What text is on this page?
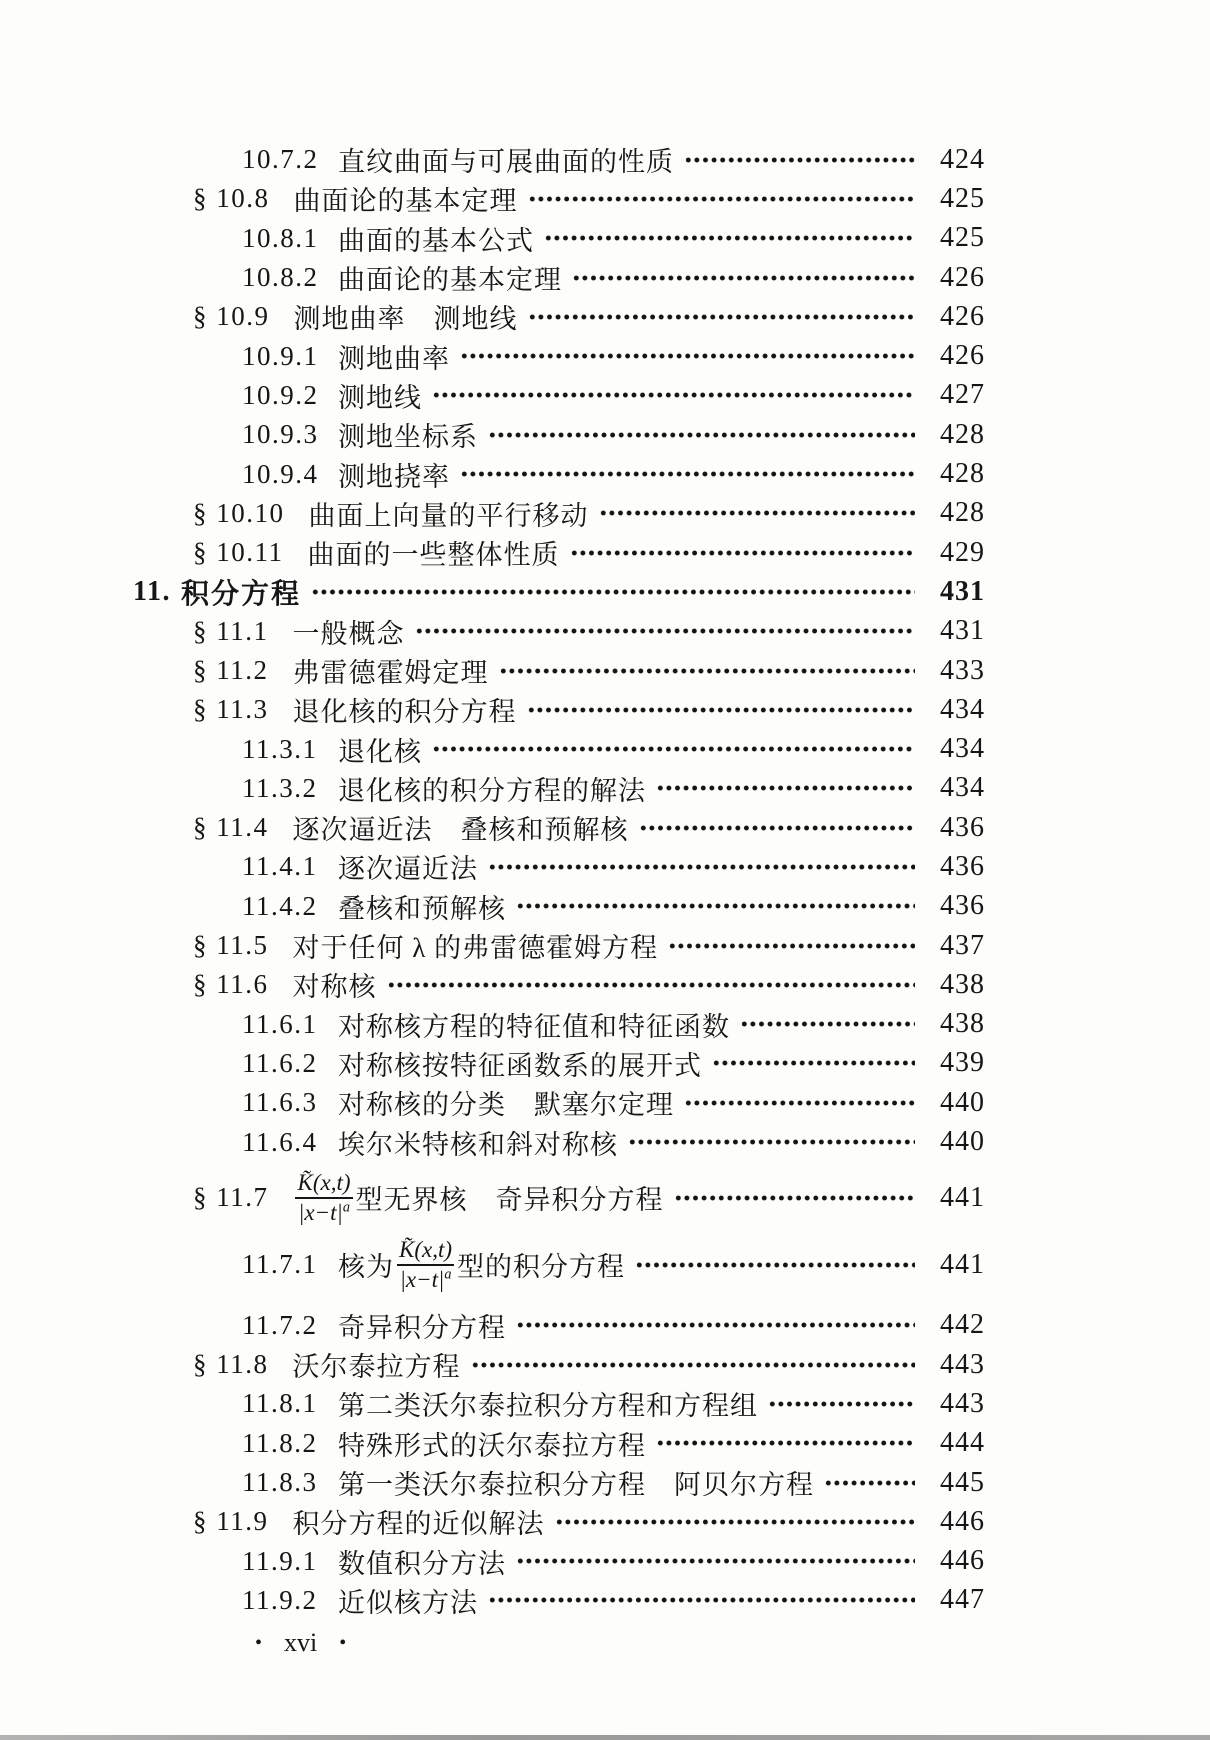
10.7.2 直纹曲面与可展曲面的性质	424
§ 10.8 曲面论的基本定理	425
10.8.1 曲面的基本公式	425
10.8.2 曲面论的基本定理	426
§ 10.9 测地曲率　测地线	426
10.9.1 测地曲率	426
10.9.2 测地线	427
10.9.3 测地坐标系	428
10.9.4 测地挠率	428
§ 10.10 曲面上向量的平行移动	428
§ 10.11 曲面的一些整体性质	429
11. 积分方程	431
§ 11.1 一般概念	431
§ 11.2 弗雷德霍姆定理	433
§ 11.3 退化核的积分方程	434
11.3.1 退化核	434
11.3.2 退化核的积分方程的解法	434
§ 11.4 逐次逼近法　叠核和预解核	436
11.4.1 逐次逼近法	436
11.4.2 叠核和预解核	436
§ 11.5 对于任何 λ 的弗雷德霍姆方程	437
§ 11.6 对称核	438
11.6.1 对称核方程的特征值和特征函数	438
11.6.2 对称核按特征函数系的展开式	439
11.6.3 对称核的分类　默塞尔定理	440
11.6.4 埃尔米特核和斜对称核	440
§ $11.7 \frac{K̃(x,t)}{|x-t|^a}$ 型无界核　奇异积分方程	441
11.7.1 核为 $\frac{K̃(x,t)}{|x-t|^a}$ 型的积分方程	441
11.7.2 奇异积分方程	442
§ 11.8 沃尔泰拉方程	443
11.8.1 第二类沃尔泰拉积分方程和方程组	443
11.8.2 特殊形式的沃尔泰拉方程	444
11.8.3 第一类沃尔泰拉积分方程　阿贝尔方程	445
§ 11.9 积分方程的近似解法	446
11.9.1 数值积分方法	446
11.9.2 近似核方法	447
• xvi •
